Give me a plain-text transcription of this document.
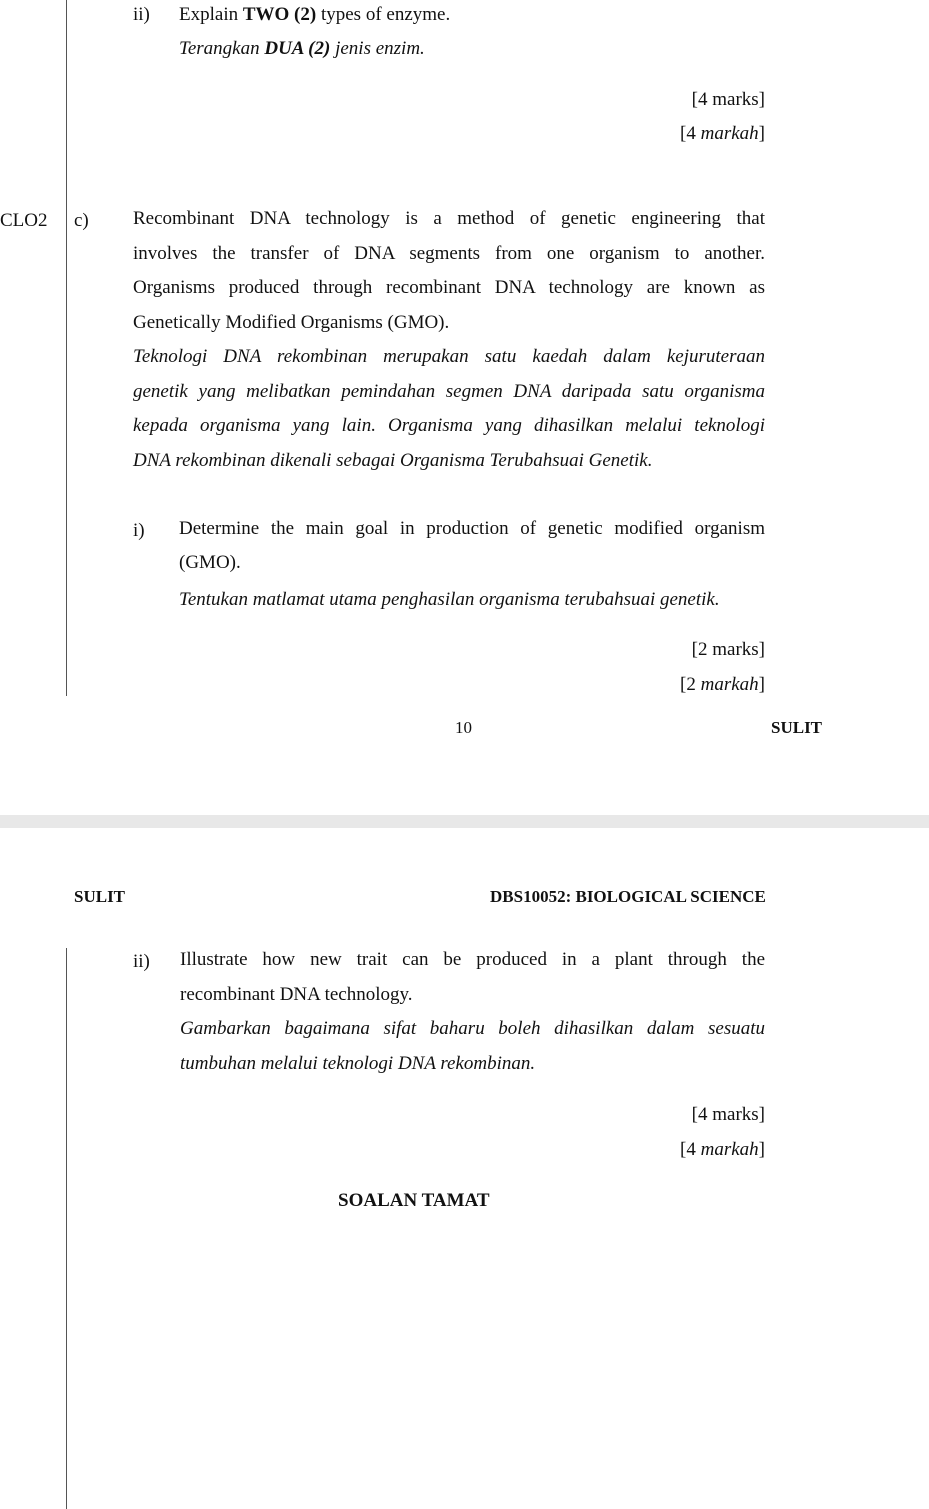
ii) Explain TWO (2) types of enzyme.
Terangkan DUA (2) jenis enzim.
[4 marks]
[4 markah]
CLO2 c) Recombinant DNA technology is a method of genetic engineering that
involves the transfer of DNA segments from one organism to another.
Organisms produced through recombinant DNA technology are known as
Genetically Modified Organisms (GMO).
Teknologi DNA rekombinan merupakan satu kaedah dalam kejuruteraan
genetik yang melibatkan pemindahan segmen DNA daripada satu organisma
kepada organisma yang lain. Organisma yang dihasilkan melalui teknologi
DNA rekombinan dikenali sebagai Organisma Terubahsuai Genetik.
i) Determine the main goal in production of genetic modified organism
(GMO).
Tentukan matlamat utama penghasilan organisma terubahsuai genetik.
[2 marks]
[2 markah]
10	SULIT
SULIT	DBS10052: BIOLOGICAL SCIENCE
ii) Illustrate how new trait can be produced in a plant through the
recombinant DNA technology.
Gambarkan bagaimana sifat baharu boleh dihasilkan dalam sesuatu
tumbuhan melalui teknologi DNA rekombinan.
[4 marks]
[4 markah]
SOALAN TAMAT
